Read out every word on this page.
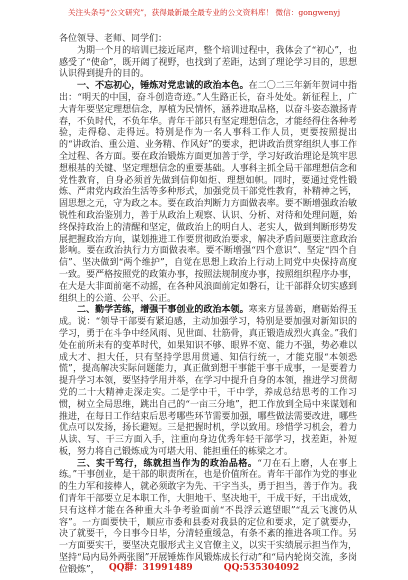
关注头条号“公文研究”，获得最新最全最专业的公文资料库！ 微信：gongwenyj

各位领导、老师、同学们：

为期一个月的培训已接近尾声，整个培训过程中，我体会了“初心”，也感受了“使命”，既开阔了视野，也找到了差距，达到了理论学习目的，思想认识得到提升的目的。

一、不忘初心，锤炼对党忠诚的政治本色。在二〇二三年新年贺词中指出：“明天的中国，奋斗创造奇迹。”人生路正长，奋斗处处。新征程上，广大青年要坚定理想信念，厚植为民情怀，涵养进取品格，以奋斗姿态激扬青春，不负时代，不负年华。青年干部只有坚定理想信念，才能经得住各种考验，走得稳、走得远。特别是作为一名人事科工作人员，更要按照提出的“讲政治、重公道、业务精、作风好”的要求，把讲政治贯穿组织人事工作全过程、各方面。要在政治锻炼方面更加善于学，学习好政治理论是筑牢思想根基的关键、坚定理想信念的重要基础。人事科主抓全局干部理想信念和党性教育，自身必须首先做到信仰如炬、理想如帜。同时，要通过党性锻炼、严肃党内政治生活等多种形式，加强党员干部党性教育，补精神之钙，固思想之元，守为政之本。要在政治判断力方面做表率。要不断增强政治敏锐性和政治鉴别力，善于从政治上观察、认识、分析、对待和处理问题，始终保持政治上的清醒和坚定，做政治上的明白人、老实人，做到判断形势发展把握政治方向，谋划推进工作要贯彻政治要求，解决矛盾问题要注意政治影响。要在政治执行力方面做表率。要不断增强“四个意识”、坚定“四个自信”、坚决做到“两个维护”，自觉在思想上政治上行动上同党中央保持高度一致。要严格按照党的政策办事，按照法规制度办事，按照组织程序办事，在大是大非面前毫不动摇，在各种风浪面前定如磐石，让干部群众切实感到组织上的公道、公平、公正。

二、勤学苦练，增强干事创业的政治本领。寒来方显善砺，磨砺始得玉成。说：“领导干部要有紧迫感，主动加强学习，特别是要加强对新知识的学习，勇于在斗争中经风雨、见世面、壮筋骨，真正锻造成烈火真金。”我们处在前所未有的变革时代，如果知识不够、眼界不宽、能力不强，势必难以成大才、担大任，只有坚持学思用贯通、知信行统一，才能克服“本领恐慌”，提高解决实际问题能力，真正做到想干事能干事干成事，一是要着力提升学习本领，要坚持学用并举，在学习中提升自身的本领，推进学习贯彻党的二十大精神走深走实。二是学中干，干中学，养成总结思考的工作习惯，树立全局思维，跳出自己的“一亩三分地”，把工作放到全局中来谋划和推进，在每日工作结束后思考哪些环节需要加强，哪些做法需要改进，哪些优点可以发扬，扬长避短。三是把握时机，学以致用。珍惜学习机会，着力从读、写、干三方面入手，注重向身边优秀年轻干部学习，找差距，补短板，努力将自己锻炼成为可堪大用、能担重任的栋梁之才。

三、实干笃行，练就担当作为的政治品格。“刀在石上磨，人在事上练。”干事创业，是干部的职责所在，也是价值所在。青年干部作为党的事业的生力军和接棒人，就必须敢字为先、干字当头，勇于担当，善于作为。我们青年干部要立足本职工作，大胆地干、坚决地干，干成干好，干出成效，只有这样才能在各种重大斗争考验面前“不畏浮云遮望眼”“乱云飞渡仍从容”。一方面要快干，顺应市委和县委对我县的定位和要求，定了就要办，决了就要干，今日事今日毕，分清轻重缓急，有条不紊的推进各项工作。另一方面要实干，要坚决克服形式主义官僚主义，以实干实绩展示担当作为，坚持“局内局外两张图”开展锤炼作风锻炼成长行动”和“局内轮岗交流，多岗位锻炼”，	QQ群：31991489	QQ:535304092
